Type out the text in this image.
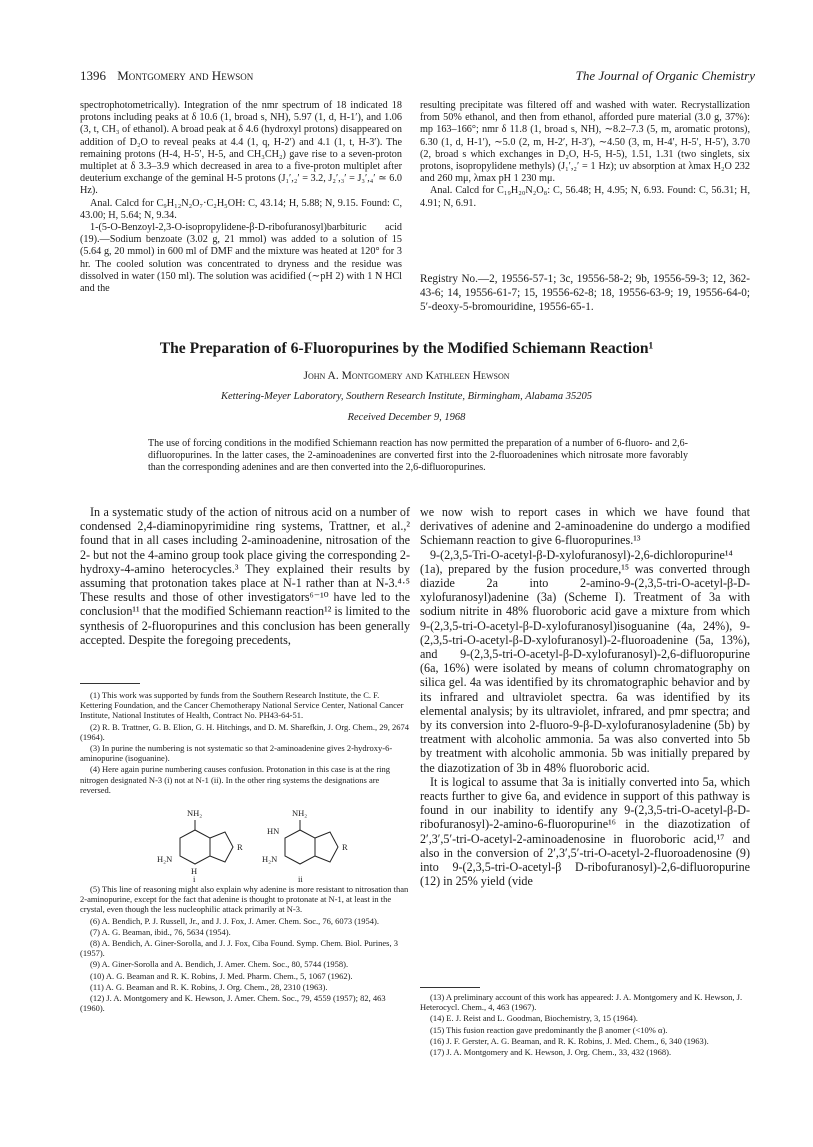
1396 Montgomery and Hewson	The Journal of Organic Chemistry

spectrophotometrically). Integration of the nmr spectrum of 18 indicated 18 protons including peaks at δ 10.6 (1, broad s, NH), 5.97 (1, d, H-1′), and 1.06 (3, t, CH₃ of ethanol). A broad peak at δ 4.6 (hydroxyl protons) disappeared on addition of D₂O to reveal peaks at 4.4 (1, q, H-2′) and 4.1 (1, t, H-3′). The remaining protons (H-4, H-5′, H-5, and CH₃CH₂) gave rise to a seven-proton multiplet at δ 3.3–3.9 which decreased in area to a five-proton multiplet after deuterium exchange of the geminal H-5 protons (J₁′,₂′ = 3.2, J₂′,₃′ = J₃′,₄′ ≃ 6.0 Hz).

Anal. Calcd for C₉H₁₂N₂O₇·C₂H₅OH: C, 43.14; H, 5.88; N, 9.15. Found: C, 43.00; H, 5.64; N, 9.34.

1-(5-O-Benzoyl-2,3-O-isopropylidene-β-D-ribofuranosyl)barbituric acid (19).—Sodium benzoate (3.02 g, 21 mmol) was added to a solution of 15 (5.64 g, 20 mmol) in 600 ml of DMF and the mixture was heated at 120° for 3 hr. The cooled solution was concentrated to dryness and the residue was dissolved in water (150 ml). The solution was acidified (∼pH 2) with 1 N HCl and the

resulting precipitate was filtered off and washed with water. Recrystallization from 50% ethanol, and then from ethanol, afforded pure material (3.0 g, 37%): mp 163–166°; nmr δ 11.8 (1, broad s, NH), ∼8.2–7.3 (5, m, aromatic protons), 6.30 (1, d, H-1′), ∼5.0 (2, m, H-2′, H-3′), ∼4.50 (3, m, H-4′, H-5′, H-5′), 3.70 (2, broad s which exchanges in D₂O, H-5, H-5), 1.51, 1.31 (two singlets, six protons, isopropylidene methyls) (J₁′,₂′ = 1 Hz); uv absorption at λmax H₂O 232 and 260 mμ, λmax pH 1 230 mμ.

Anal. Calcd for C₁₉H₂₀N₂O₈: C, 56.48; H, 4.95; N, 6.93. Found: C, 56.31; H, 4.91; N, 6.91.

Registry No.—2, 19556-57-1; 3c, 19556-58-2; 9b, 19556-59-3; 12, 362-43-6; 14, 19556-61-7; 15, 19556-62-8; 18, 19556-63-9; 19, 19556-64-0; 5′-deoxy-5-bromouridine, 19556-65-1.
The Preparation of 6-Fluoropurines by the Modified Schiemann Reaction¹
John A. Montgomery and Kathleen Hewson
Kettering-Meyer Laboratory, Southern Research Institute, Birmingham, Alabama 35205
Received December 9, 1968
The use of forcing conditions in the modified Schiemann reaction has now permitted the preparation of a number of 6-fluoro- and 2,6-difluoropurines. In the latter cases, the 2-aminoadenines are converted first into the 2-fluoroadenines which nitrosate more favorably than the corresponding adenines and are then converted into the 2,6-difluoropurines.

In a systematic study of the action of nitrous acid on a number of condensed 2,4-diaminopyrimidine ring systems, Trattner, et al.,² found that in all cases including 2-aminoadenine, nitrosation of the 2- but not the 4-amino group took place giving the corresponding 2-hydroxy-4-amino heterocycles.³ They explained their results by assuming that protonation takes place at N-1 rather than at N-3.⁴·⁵ These results and those of other investigators⁶⁻¹⁰ have led to the conclusion¹¹ that the modified Schiemann reaction¹² is limited to the synthesis of 2-fluoropurines and this conclusion has been generally accepted. Despite the foregoing precedents,

we now wish to report cases in which we have found that derivatives of adenine and 2-aminoadenine do undergo a modified Schiemann reaction to give 6-fluoropurines.¹³

9-(2,3,5-Tri-O-acetyl-β-D-xylofuranosyl)-2,6-dichloropurine¹⁴ (1a), prepared by the fusion procedure,¹⁵ was converted through diazide 2a into 2-amino-9-(2,3,5-tri-O-acetyl-β-D-xylofuranosyl)adenine (3a) (Scheme I). Treatment of 3a with sodium nitrite in 48% fluoroboric acid gave a mixture from which 9-(2,3,5-tri-O-acetyl-β-D-xylofuranosyl)isoguanine (4a, 24%), 9-(2,3,5-tri-O-acetyl-β-D-xylofuranosyl)-2-fluoroadenine (5a, 13%), and 9-(2,3,5-tri-O-acetyl-β-D-xylofuranosyl)-2,6-difluoropurine (6a, 16%) were isolated by means of column chromatography on silica gel. 4a was identified by its chromatographic behavior and by its infrared and ultraviolet spectra. 6a was identified by its elemental analysis; by its ultraviolet, infrared, and pmr spectra; and by its conversion into 2-fluoro-9-β-D-xylofuranosyladenine (5b) by treatment with alcoholic ammonia. 5a was also converted into 5b by treatment with alcoholic ammonia. 5b was initially prepared by the diazotization of 3b in 48% fluoroboric acid.

It is logical to assume that 3a is initially converted into 5a, which reacts further to give 6a, and evidence in support of this pathway is found in our inability to identify any 9-(2,3,5-tri-O-acetyl-β-D-ribofuranosyl)-2-amino-6-fluoropurine¹⁶ in the diazotization of 2′,3′,5′-tri-O-acetyl-2-aminoadenosine in fluoroboric acid,¹⁷ and also in the conversion of 2′,3′,5′-tri-O-acetyl-2-fluoroadenosine (9) into 9-(2,3,5-tri-O-acetyl-β D-ribofuranosyl)-2,6-difluoropurine (12) in 25% yield (vide

(1) This work was supported by funds from the Southern Research Institute, the C. F. Kettering Foundation, and the Cancer Chemotherapy National Service Center, National Cancer Institute, National Institutes of Health, Contract No. PH43-64-51.

(2) R. B. Trattner, G. B. Elion, G. H. Hitchings, and D. M. Sharefkin, J. Org. Chem., 29, 2674 (1964).

(3) In purine the numbering is not systematic so that 2-aminoadenine gives 2-hydroxy-6-aminopurine (isoguanine).

(4) Here again purine numbering causes confusion. Protonation in this case is at the ring nitrogen designated N-3 (i) not at N-1 (ii). In the other ring systems the designations are reversed.

NH₂
H₂N
H
R
i
NH₂
HN
H₂N
R
ii

(5) This line of reasoning might also explain why adenine is more resistant to nitrosation than 2-aminopurine, except for the fact that adenine is thought to protonate at N-1, at least in the crystal, even though the less nucleophilic attack primarily at N-3.

(6) A. Bendich, P. J. Russell, Jr., and J. J. Fox, J. Amer. Chem. Soc., 76, 6073 (1954).

(7) A. G. Beaman, ibid., 76, 5634 (1954).

(8) A. Bendich, A. Giner-Sorolla, and J. J. Fox, Ciba Found. Symp. Chem. Biol. Purines, 3 (1957).

(9) A. Giner-Sorolla and A. Bendich, J. Amer. Chem. Soc., 80, 5744 (1958).

(10) A. G. Beaman and R. K. Robins, J. Med. Pharm. Chem., 5, 1067 (1962).

(11) A. G. Beaman and R. K. Robins, J. Org. Chem., 28, 2310 (1963).

(12) J. A. Montgomery and K. Hewson, J. Amer. Chem. Soc., 79, 4559 (1957); 82, 463 (1960).

(13) A preliminary account of this work has appeared: J. A. Montgomery and K. Hewson, J. Heterocycl. Chem., 4, 463 (1967).

(14) E. J. Reist and L. Goodman, Biochemistry, 3, 15 (1964).

(15) This fusion reaction gave predominantly the β anomer (<10% α).

(16) J. F. Gerster, A. G. Beaman, and R. K. Robins, J. Med. Chem., 6, 340 (1963).

(17) J. A. Montgomery and K. Hewson, J. Org. Chem., 33, 432 (1968).
